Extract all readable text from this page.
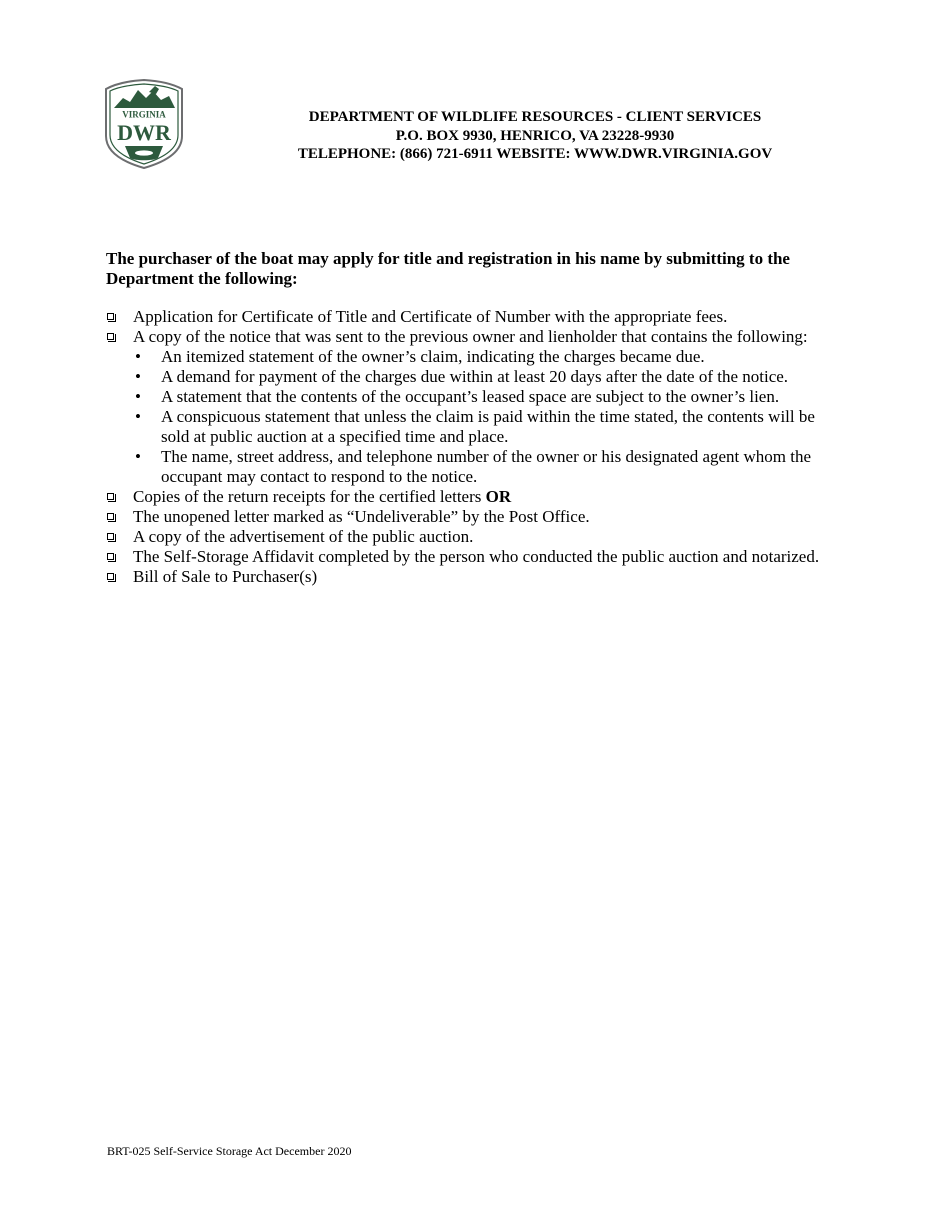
VIRGINIA
DWR
DEPARTMENT OF WILDLIFE RESOURCES - CLIENT SERVICES
P.O. BOX 9930, HENRICO, VA 23228-9930
TELEPHONE: (866) 721-6911 WEBSITE: WWW.DWR.VIRGINIA.GOV
The purchaser of the boat may apply for title and registration in his name by submitting to the Department the following:
Application for Certificate of Title and Certificate of Number with the appropriate fees.
A copy of the notice that was sent to the previous owner and lienholder that contains the following:
• An itemized statement of the owner’s claim, indicating the charges became due.
• A demand for payment of the charges due within at least 20 days after the date of the notice.
• A statement that the contents of the occupant’s leased space are subject to the owner’s lien.
• A conspicuous statement that unless the claim is paid within the time stated, the contents will be sold at public auction at a specified time and place.
• The name, street address, and telephone number of the owner or his designated agent whom the occupant may contact to respond to the notice.
Copies of the return receipts for the certified letters OR
The unopened letter marked as “Undeliverable” by the Post Office.
A copy of the advertisement of the public auction.
The Self-Storage Affidavit completed by the person who conducted the public auction and notarized.
Bill of Sale to Purchaser(s)
BRT-025 Self-Service Storage Act December 2020
